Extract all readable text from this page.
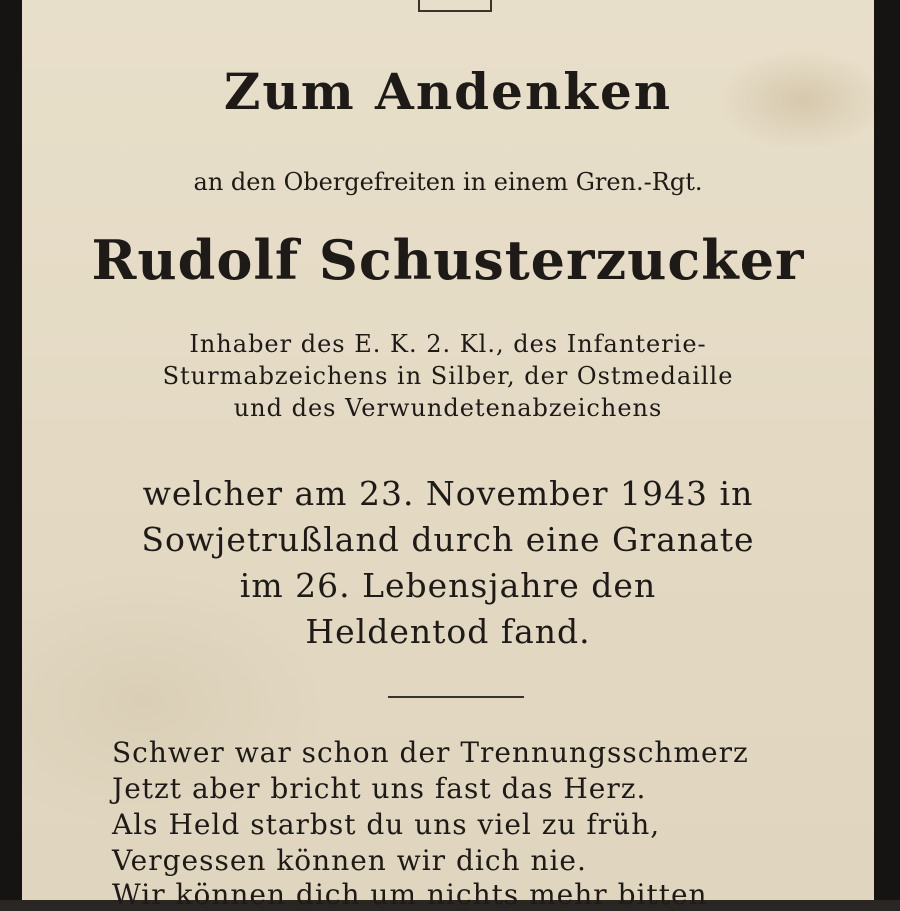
Zum Andenken
an den Obergefreiten in einem Gren.-Rgt.
Rudolf Schusterzucker
Inhaber des E. K. 2. Kl., des Infanterie-
Sturmabzeichens in Silber, der Ostmedaille
und des Verwundetenabzeichens
welcher am 23. November 1943 in
Sowjetrußland durch eine Granate
im 26. Lebensjahre den
Heldentod fand.
Schwer war schon der Trennungsschmerz
Jetzt aber bricht uns fast das Herz.
Als Held starbst du uns viel zu früh,
Vergessen können wir dich nie.
Wir können dich um nichts mehr bitten
